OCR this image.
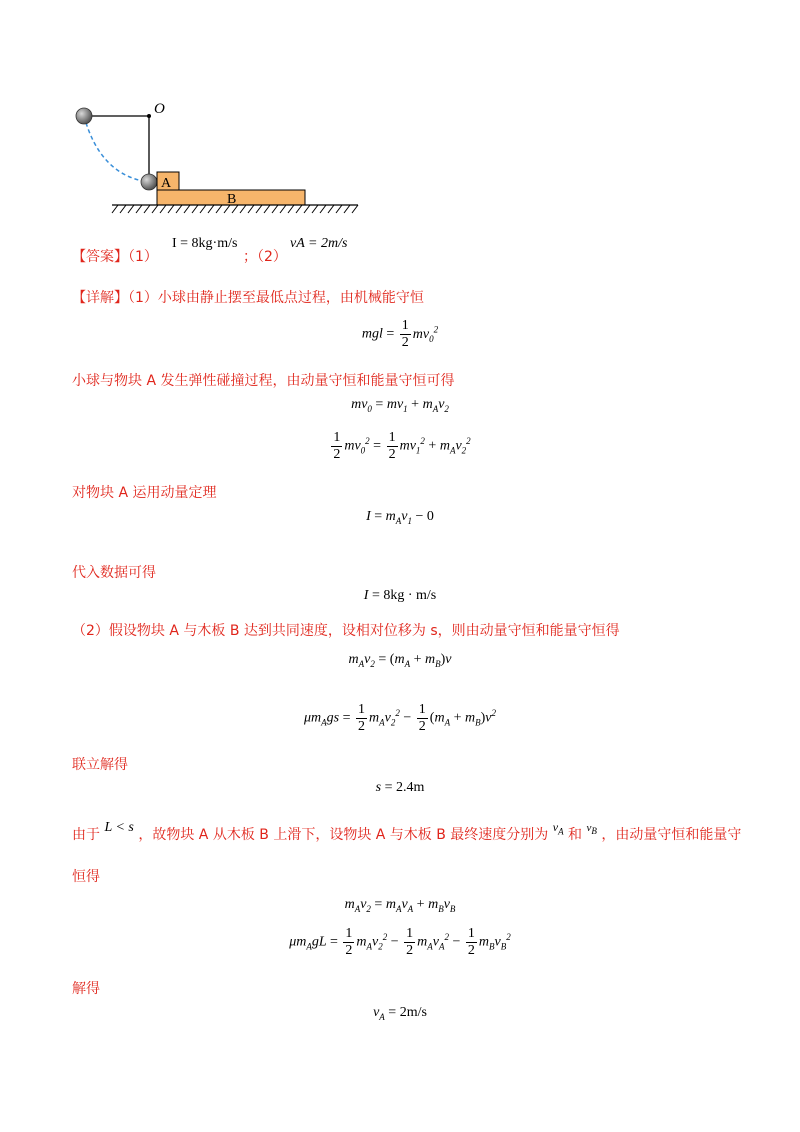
O
A
B
【答案】（1）
I = 8kg·m/s
；（2）
vA = 2m/s
【详解】（1）小球由静止摆至最低点过程，由机械能守恒
mgl = $\frac{1}{2} mv_0^2$
小球与物块 A 发生弹性碰撞过程，由动量守恒和能量守恒可得
$mv_0 = mv_1 + m_Av_2$
$\frac{1}{2} mv_0^2 = \frac{1}{2} mv_1^2 + m_Av_2^2$
对物块 A 运用动量定理
$I = m_Av_1 - 0$
代入数据可得
I = 8kg · m/s
（2）假设物块 A 与木板 B 达到共同速度，设相对位移为 s，则由动量守恒和能量守恒得
$m_Av_2 = (m_A + m_B)v$
$\mu m_Ags = \frac{1}{2} m_Av_2^2 - \frac{1}{2} (m_A + m_B)v^2$
联立解得
s = 2.4m
由于 L < s ，故物块 A 从木板 B 上滑下，设物块 A 与木板 B 最终速度分别为 $v_A$ 和 $^{v_B}$ ，由动量守恒和能量守
恒得
$m_Av_2 = m_Av_A + m_Bv_B$
$\mu m_AgL = \frac{1}{2} m_Av_2^2 - \frac{1}{2} m_Av_A^2 - \frac{1}{2} m_Bv_B^2$
解得
$v_A = 2m/s$
